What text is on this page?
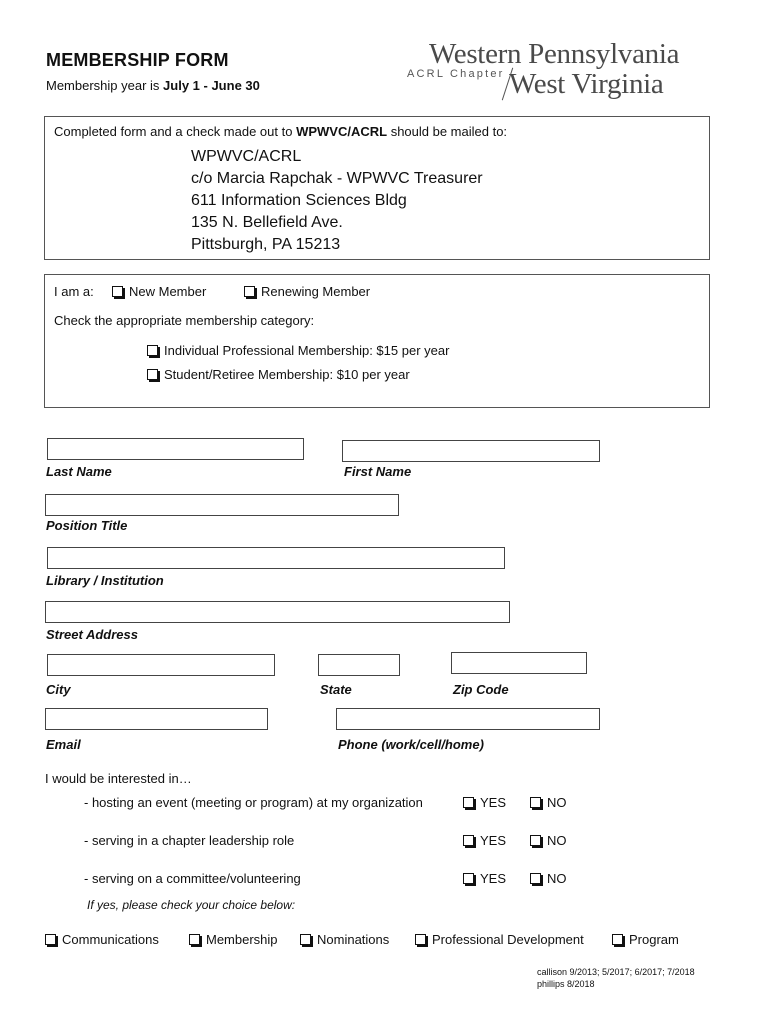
MEMBERSHIP FORM
Membership year is July 1 - June 30
Western Pennsylvania
ACRL Chapter West Virginia
Completed form and a check made out to WPWVC/ACRL should be mailed to:
WPWVC/ACRL
c/o Marcia Rapchak - WPWVC Treasurer
611 Information Sciences Bldg
135 N. Bellefield Ave.
Pittsburgh, PA 15213
I am a:	New Member	Renewing Member
Check the appropriate membership category:
Individual Professional Membership: $15 per year
Student/Retiree Membership: $10 per year
Last Name	First Name
Position Title
Library / Institution
Street Address
City	State	Zip Code
Email	Phone (work/cell/home)
I would be interested in…
- hosting an event (meeting or program) at my organization	YES	NO
- serving in a chapter leadership role	YES	NO
- serving on a committee/volunteering	YES	NO
If yes, please check your choice below:
Communications	Membership	Nominations	Professional Development	Program
callison 9/2013; 5/2017; 6/2017; 7/2018
phillips 8/2018
